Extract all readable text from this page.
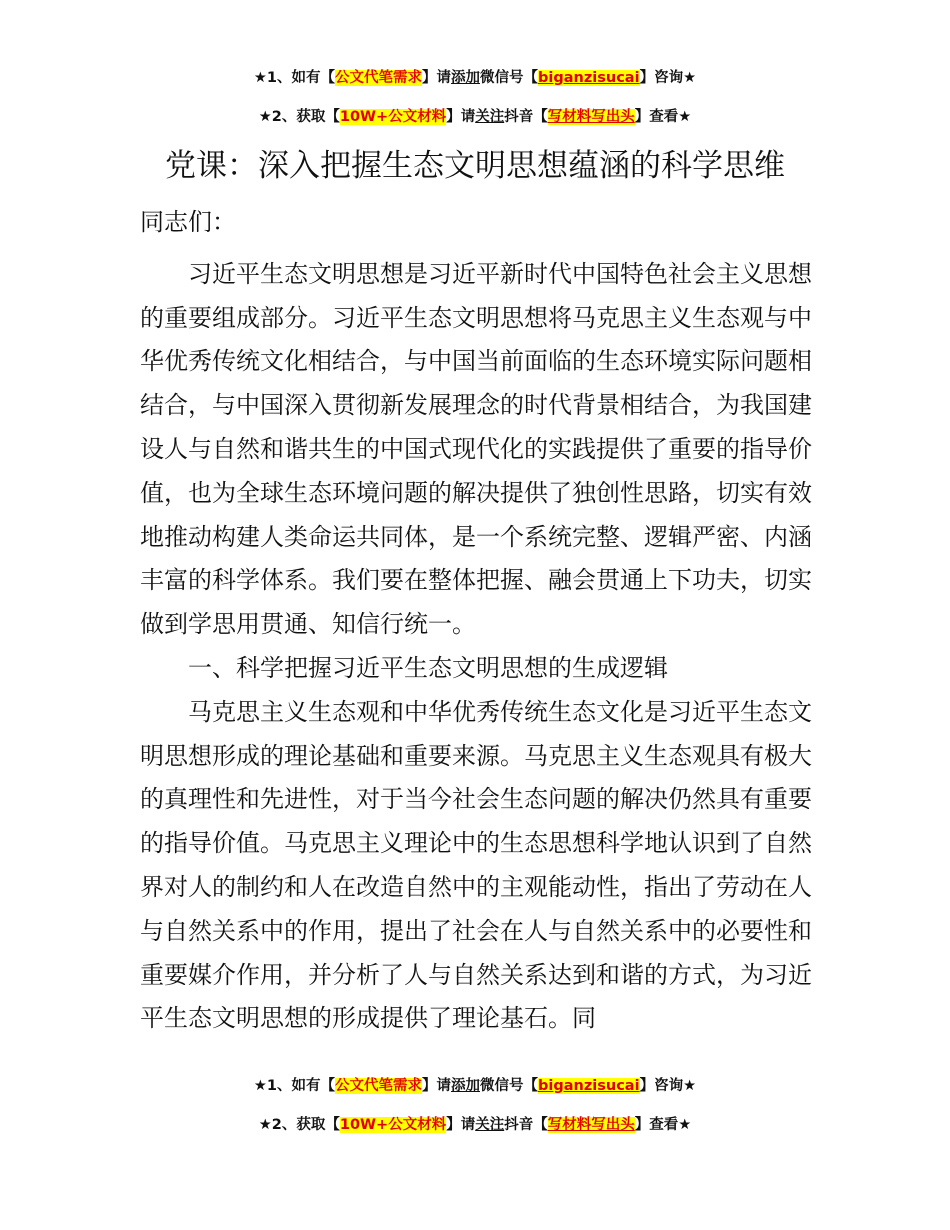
★1、如有【公文代笔需求】请添加微信号【biganzisucai】咨询★
★2、获取【10W+公文材料】请关注抖音【写材料写出头】查看★
党课：深入把握生态文明思想蕴涵的科学思维

同志们：

习近平生态文明思想是习近平新时代中国特色社会主义思想的重要组成部分。习近平生态文明思想将马克思主义生态观与中华优秀传统文化相结合，与中国当前面临的生态环境实际问题相结合，与中国深入贯彻新发展理念的时代背景相结合，为我国建设人与自然和谐共生的中国式现代化的实践提供了重要的指导价值，也为全球生态环境问题的解决提供了独创性思路，切实有效地推动构建人类命运共同体，是一个系统完整、逻辑严密、内涵丰富的科学体系。我们要在整体把握、融会贯通上下功夫，切实做到学思用贯通、知信行统一。

一、科学把握习近平生态文明思想的生成逻辑

马克思主义生态观和中华优秀传统生态文化是习近平生态文明思想形成的理论基础和重要来源。马克思主义生态观具有极大的真理性和先进性，对于当今社会生态问题的解决仍然具有重要的指导价值。马克思主义理论中的生态思想科学地认识到了自然界对人的制约和人在改造自然中的主观能动性，指出了劳动在人与自然关系中的作用，提出了社会在人与自然关系中的必要性和重要媒介作用，并分析了人与自然关系达到和谐的方式，为习近平生态文明思想的形成提供了理论基石。同

★1、如有【公文代笔需求】请添加微信号【biganzisucai】咨询★
★2、获取【10W+公文材料】请关注抖音【写材料写出头】查看★
